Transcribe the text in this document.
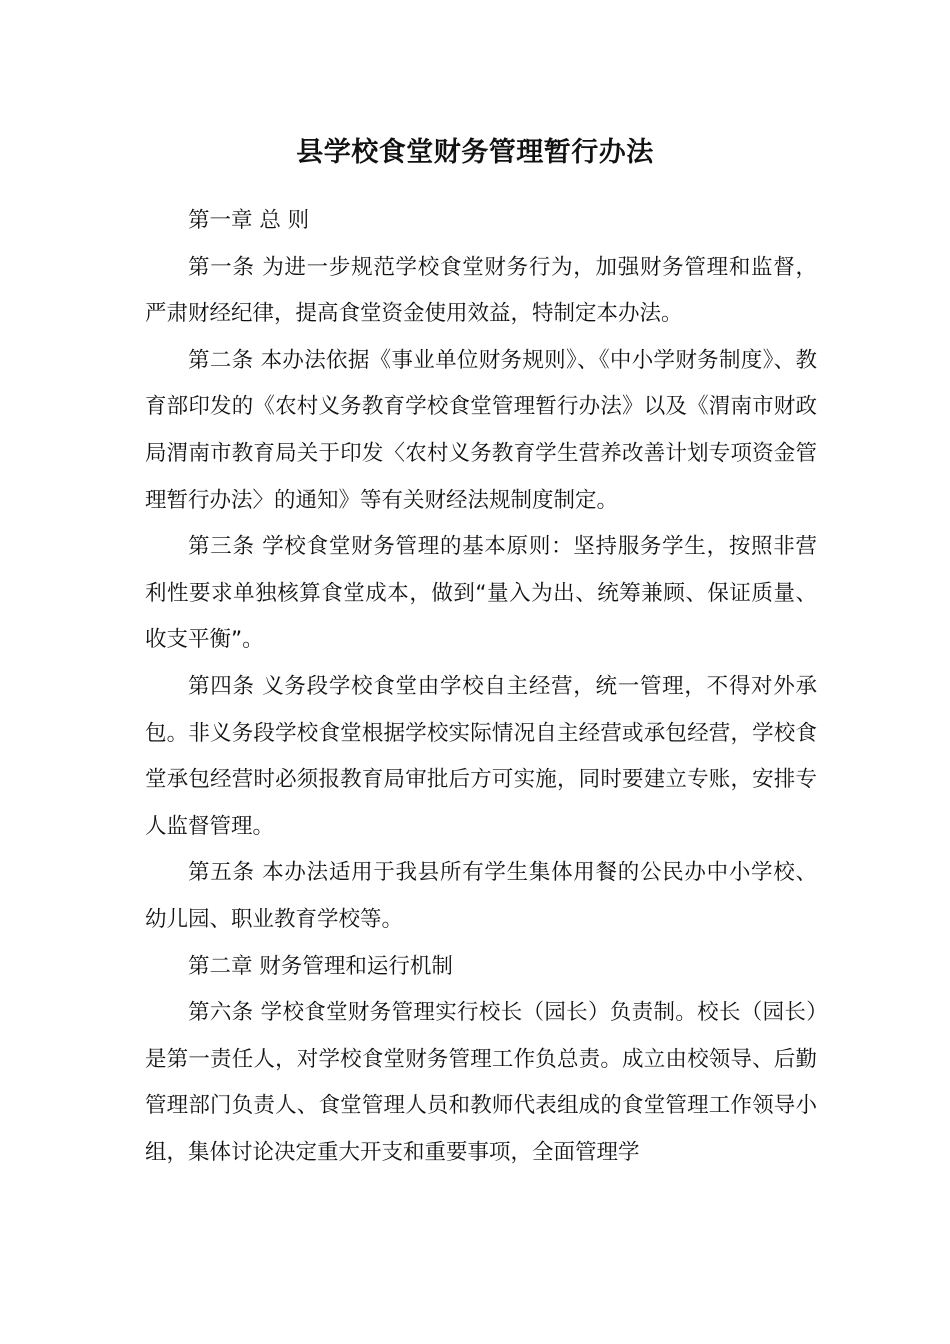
县学校食堂财务管理暂行办法

第一章 总 则

第一条 为进一步规范学校食堂财务行为，加强财务管理和监督，严肃财经纪律，提高食堂资金使用效益，特制定本办法。

第二条 本办法依据《事业单位财务规则》、《中小学财务制度》、教育部印发的《农村义务教育学校食堂管理暂行办法》以及《渭南市财政局渭南市教育局关于印发〈农村义务教育学生营养改善计划专项资金管理暂行办法〉的通知》等有关财经法规制度制定。

第三条 学校食堂财务管理的基本原则：坚持服务学生，按照非营利性要求单独核算食堂成本，做到“量入为出、统筹兼顾、保证质量、收支平衡”。

第四条 义务段学校食堂由学校自主经营，统一管理，不得对外承包。非义务段学校食堂根据学校实际情况自主经营或承包经营，学校食堂承包经营时必须报教育局审批后方可实施，同时要建立专账，安排专人监督管理。

第五条 本办法适用于我县所有学生集体用餐的公民办中小学校、幼儿园、职业教育学校等。

第二章 财务管理和运行机制

第六条 学校食堂财务管理实行校长（园长）负责制。校长（园长）是第一责任人，对学校食堂财务管理工作负总责。成立由校领导、后勤管理部门负责人、食堂管理人员和教师代表组成的食堂管理工作领导小组，集体讨论决定重大开支和重要事项，全面管理学
